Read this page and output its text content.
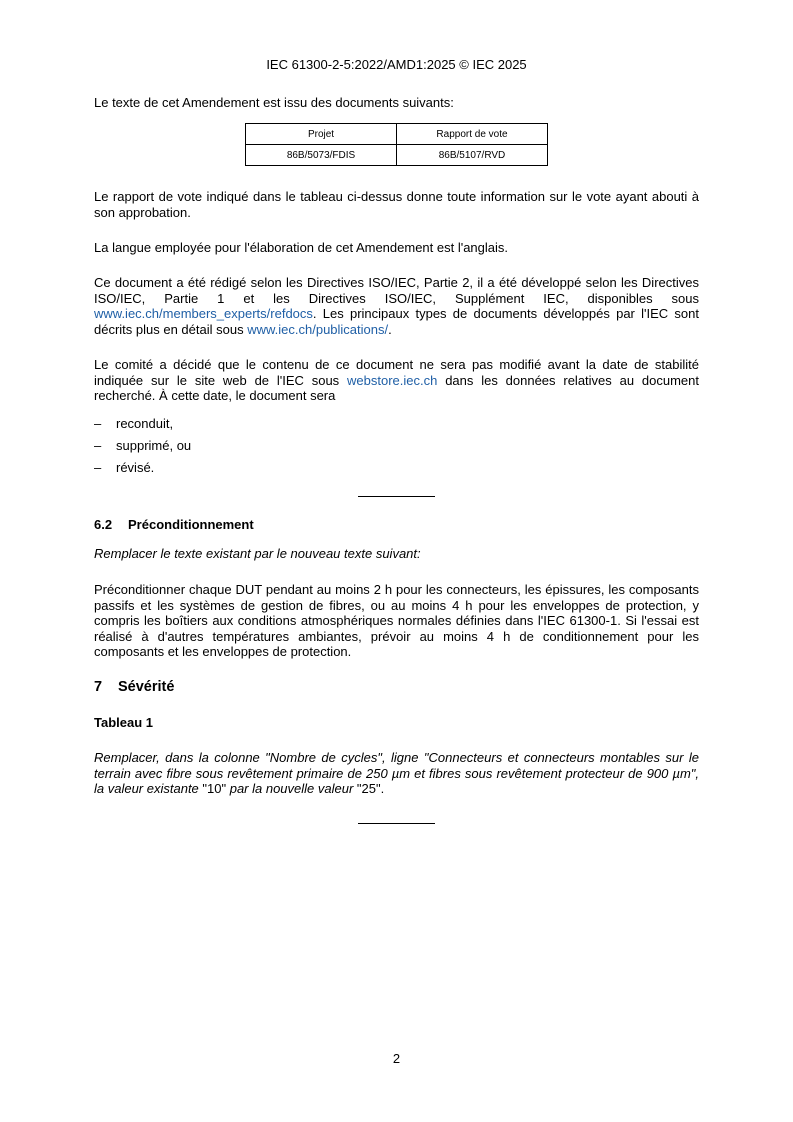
IEC 61300-2-5:2022/AMD1:2025 © IEC 2025

Le texte de cet Amendement est issu des documents suivants:

Projet	Rapport de vote
86B/5073/FDIS	86B/5107/RVD

Le rapport de vote indiqué dans le tableau ci-dessus donne toute information sur le vote ayant abouti à son approbation.

La langue employée pour l'élaboration de cet Amendement est l'anglais.

Ce document a été rédigé selon les Directives ISO/IEC, Partie 2, il a été développé selon les Directives ISO/IEC, Partie 1 et les Directives ISO/IEC, Supplément IEC, disponibles sous www.iec.ch/members_experts/refdocs. Les principaux types de documents développés par l'IEC sont décrits plus en détail sous www.iec.ch/publications/.

Le comité a décidé que le contenu de ce document ne sera pas modifié avant la date de stabilité indiquée sur le site web de l'IEC sous webstore.iec.ch dans les données relatives au document recherché. À cette date, le document sera

– reconduit,
– supprimé, ou
– révisé.
6.2 Préconditionnement

Remplacer le texte existant par le nouveau texte suivant:

Préconditionner chaque DUT pendant au moins 2 h pour les connecteurs, les épissures, les composants passifs et les systèmes de gestion de fibres, ou au moins 4 h pour les enveloppes de protection, y compris les boîtiers aux conditions atmosphériques normales définies dans l'IEC 61300-1. Si l'essai est réalisé à d'autres températures ambiantes, prévoir au moins 4 h de conditionnement pour les composants et les enveloppes de protection.

7 Sévérité
Tableau 1

Remplacer, dans la colonne "Nombre de cycles", ligne "Connecteurs et connecteurs montables sur le terrain avec fibre sous revêtement primaire de 250 µm et fibres sous revêtement protecteur de 900 µm", la valeur existante "10" par la nouvelle valeur "25".

2
